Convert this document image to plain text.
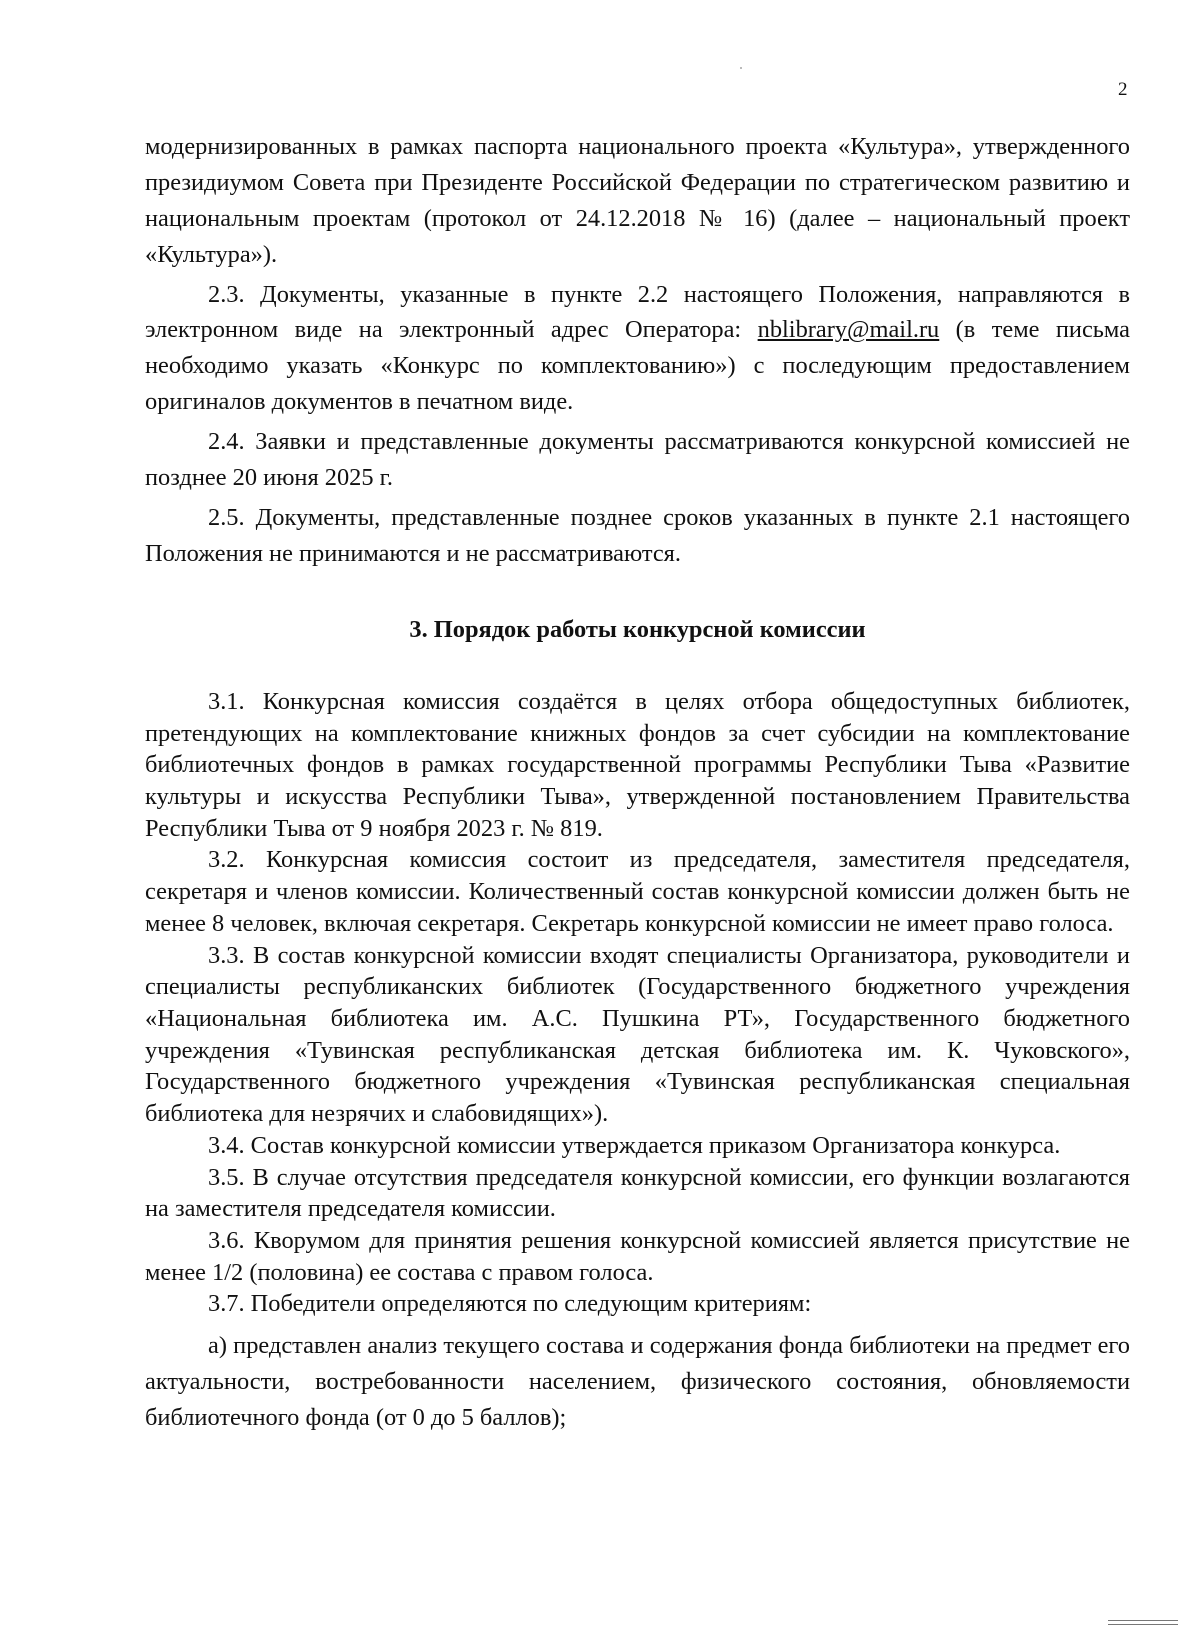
2

модернизированных в рамках паспорта национального проекта «Культура», утвержденного президиумом Совета при Президенте Российской Федерации по стратегическом развитию и национальным проектам (протокол от 24.12.2018 № 16) (далее – национальный проект «Культура»).

2.3. Документы, указанные в пункте 2.2 настоящего Положения, направляются в электронном виде на электронный адрес Оператора: nblibrary@mail.ru (в теме письма необходимо указать «Конкурс по комплектованию») с последующим предоставлением оригиналов документов в печатном виде.

2.4. Заявки и представленные документы рассматриваются конкурсной комиссией не позднее 20 июня 2025 г.

2.5. Документы, представленные позднее сроков указанных в пункте 2.1 настоящего Положения не принимаются и не рассматриваются.

3. Порядок работы конкурсной комиссии

3.1. Конкурсная комиссия создаётся в целях отбора общедоступных библиотек, претендующих на комплектование книжных фондов за счет субсидии на комплектование библиотечных фондов в рамках государственной программы Республики Тыва «Развитие культуры и искусства Республики Тыва», утвержденной постановлением Правительства Республики Тыва от 9 ноября 2023 г. № 819.

3.2. Конкурсная комиссия состоит из председателя, заместителя председателя, секретаря и членов комиссии. Количественный состав конкурсной комиссии должен быть не менее 8 человек, включая секретаря. Секретарь конкурсной комиссии не имеет право голоса.

3.3. В состав конкурсной комиссии входят специалисты Организатора, руководители и специалисты республиканских библиотек (Государственного бюджетного учреждения «Национальная библиотека им. А.С. Пушкина РТ», Государственного бюджетного учреждения «Тувинская республиканская детская библиотека им. К. Чуковского», Государственного бюджетного учреждения «Тувинская республиканская специальная библиотека для незрячих и слабовидящих»).

3.4. Состав конкурсной комиссии утверждается приказом Организатора конкурса.

3.5. В случае отсутствия председателя конкурсной комиссии, его функции возлагаются на заместителя председателя комиссии.

3.6. Кворумом для принятия решения конкурсной комиссией является присутствие не менее 1/2 (половина) ее состава с правом голоса.

3.7. Победители определяются по следующим критериям:

а) представлен анализ текущего состава и содержания фонда библиотеки на предмет его актуальности, востребованности населением, физического состояния, обновляемости библиотечного фонда (от 0 до 5 баллов);
